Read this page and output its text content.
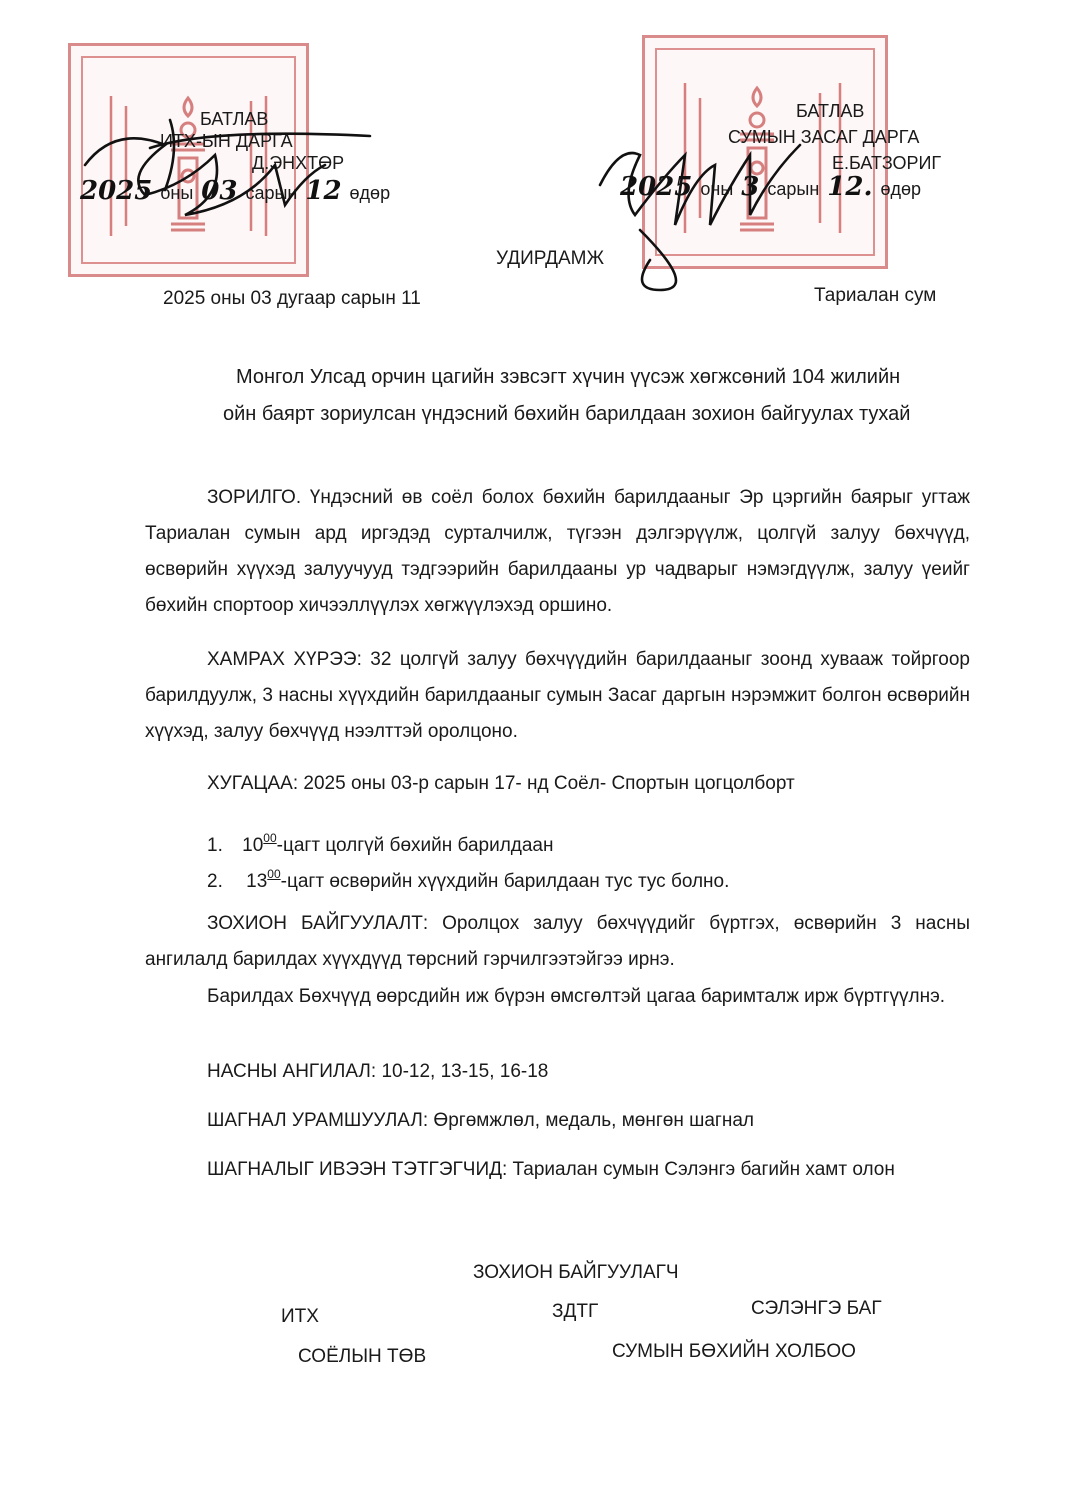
БАТЛАВ
ИТХ-ЫН ДАРГА
Д.ЭНХТӨР
2025 оны 03 сарын 12 өдөр
БАТЛАВ
СУМЫН ЗАСАГ ДАРГА
Е.БАТЗОРИГ
2025 оны 3 сарын 12. өдөр
УДИРДАМЖ
2025 оны 03 дугаар сарын 11	Тариалан сум
Монгол Улсад орчин цагийн зэвсэгт хүчин үүсэж хөгжсөний 104 жилийн
ойн баярт зориулсан үндэсний бөхийн барилдаан зохион байгуулах тухай
ЗОРИЛГО. Үндэсний өв соёл болох бөхийн барилдааныг Эр цэргийн баярыг угтаж Тариалан сумын ард иргэдэд сурталчилж, түгээн дэлгэрүүлж, цолгүй залуу бөхчүүд, өсвөрийн хүүхэд залуучууд тэдгээрийн барилдааны ур чадварыг нэмэгдүүлж, залуу үеийг бөхийн спортоор хичээллүүлэх хөгжүүлэхэд оршино.
ХАМРАХ ХҮРЭЭ: 32 цолгүй залуу бөхчүүдийн барилдааныг зоонд хувааж тойргоор барилдуулж, 3 насны хүүхдийн барилдааныг сумын Засаг даргын нэрэмжит болгон өсвөрийн хүүхэд, залуу бөхчүүд нээлттэй оролцоно.
ХУГАЦАА: 2025 оны 03-р сарын 17- нд Соёл- Спортын цогцолборт
1. $10^{00}$-цагт цолгүй бөхийн барилдаан
2. $13^{00}$-цагт өсвөрийн хүүхдийн барилдаан тус тус болно.
ЗОХИОН БАЙГУУЛАЛТ: Оролцох залуу бөхчүүдийг бүртгэх, өсвөрийн 3 насны ангилалд барилдах хүүхдүүд төрсний гэрчилгээтэйгээ ирнэ.
Барилдах Бөхчүүд өөрсдийн иж бүрэн өмсгөлтэй цагаа баримталж ирж бүртгүүлнэ.
НАСНЫ АНГИЛАЛ: 10-12, 13-15, 16-18
ШАГНАЛ УРАМШУУЛАЛ: Өргөмжлөл, медаль, мөнгөн шагнал
ШАГНАЛЫГ ИВЭЭН ТЭТГЭГЧИД: Тариалан сумын Сэлэнгэ багийн хамт олон
ЗОХИОН БАЙГУУЛАГЧ
ИТХ	ЗДТГ	СЭЛЭНГЭ БАГ
СОЁЛЫН ТӨВ	СУМЫН БӨХИЙН ХОЛБОО
